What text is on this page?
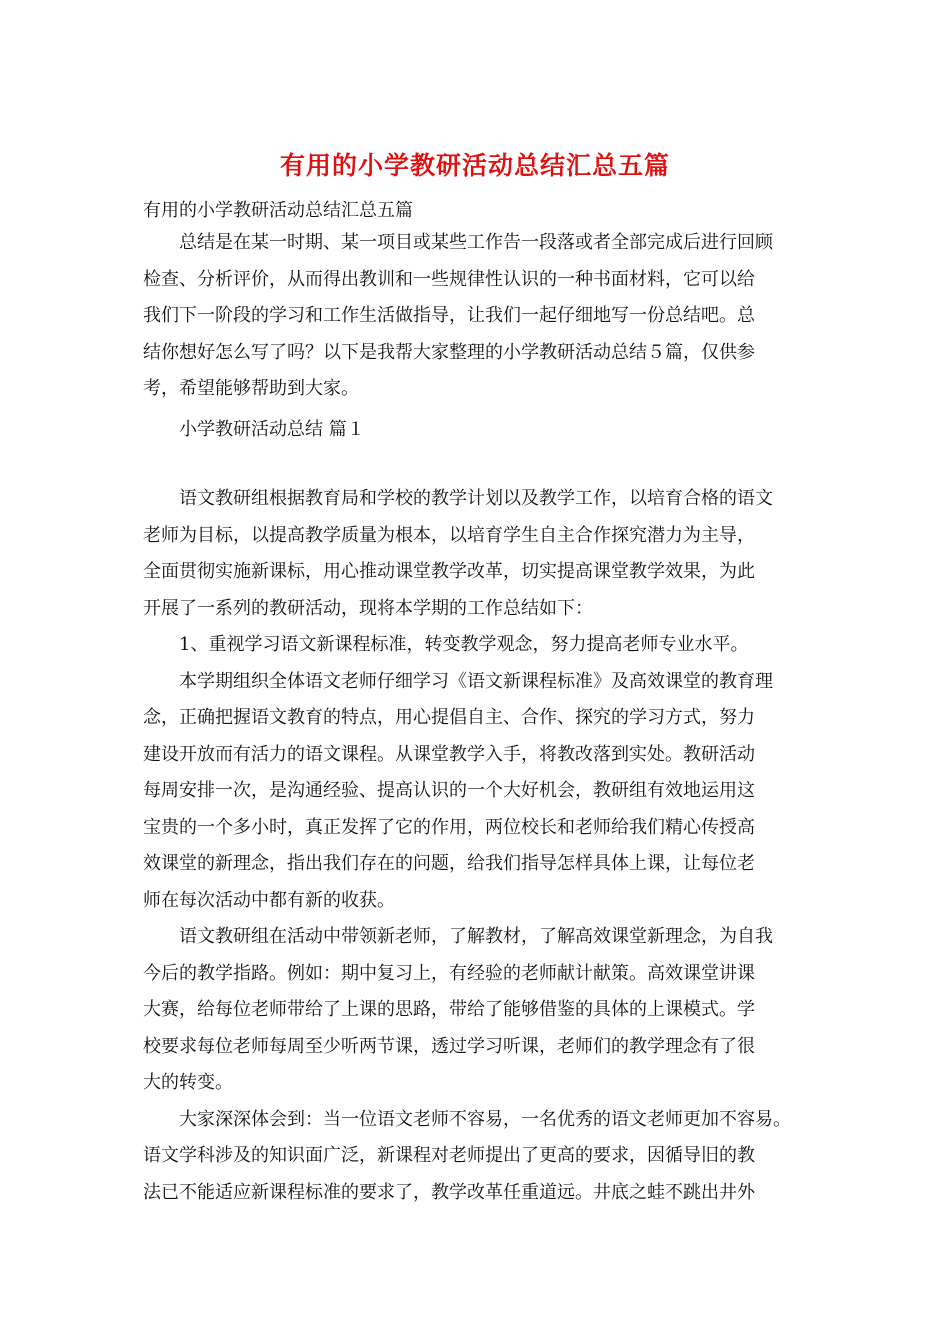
有用的小学教研活动总结汇总五篇
有用的小学教研活动总结汇总五篇
总结是在某一时期、某一项目或某些工作告一段落或者全部完成后进行回顾
检查、分析评价，从而得出教训和一些规律性认识的一种书面材料，它可以给
我们下一阶段的学习和工作生活做指导，让我们一起仔细地写一份总结吧。总
结你想好怎么写了吗？以下是我帮大家整理的小学教研活动总结５篇，仅供参
考，希望能够帮助到大家。
小学教研活动总结 篇１
语文教研组根据教育局和学校的教学计划以及教学工作，以培育合格的语文
老师为目标，以提高教学质量为根本，以培育学生自主合作探究潜力为主导，
全面贯彻实施新课标，用心推动课堂教学改革，切实提高课堂教学效果，为此
开展了一系列的教研活动，现将本学期的工作总结如下：
1、重视学习语文新课程标准，转变教学观念，努力提高老师专业水平。
本学期组织全体语文老师仔细学习《语文新课程标准》及高效课堂的教育理
念，正确把握语文教育的特点，用心提倡自主、合作、探究的学习方式，努力
建设开放而有活力的语文课程。从课堂教学入手，将教改落到实处。教研活动
每周安排一次，是沟通经验、提高认识的一个大好机会，教研组有效地运用这
宝贵的一个多小时，真正发挥了它的作用，两位校长和老师给我们精心传授高
效课堂的新理念，指出我们存在的问题，给我们指导怎样具体上课，让每位老
师在每次活动中都有新的收获。
语文教研组在活动中带领新老师，了解教材，了解高效课堂新理念，为自我
今后的教学指路。例如：期中复习上，有经验的老师献计献策。高效课堂讲课
大赛，给每位老师带给了上课的思路，带给了能够借鉴的具体的上课模式。学
校要求每位老师每周至少听两节课，透过学习听课，老师们的教学理念有了很
大的转变。
大家深深体会到：当一位语文老师不容易，一名优秀的语文老师更加不容易。
语文学科涉及的知识面广泛，新课程对老师提出了更高的要求，因循导旧的教
法已不能适应新课程标准的要求了，教学改革任重道远。井底之蛙不跳出井外
